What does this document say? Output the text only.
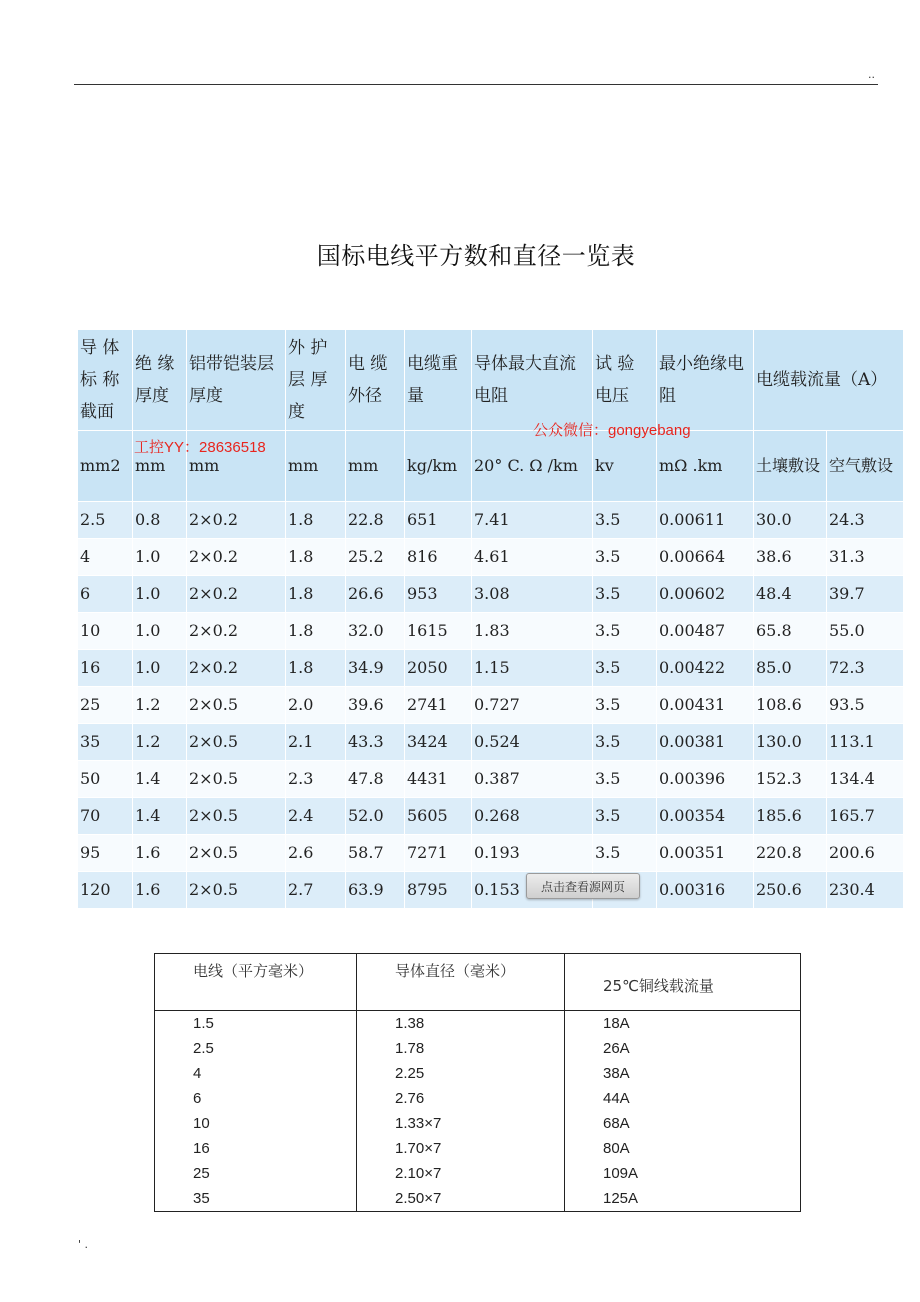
..
国标电线平方数和直径一览表
导 体 标 称 截面	绝 缘 厚度	铝带铠装层厚度	外 护 层 厚 度	电 缆 外径	电缆重量	导体最大直流电阻	试 验 电压	最小绝缘电阻	电缆载流量（A）	
mm2	mm	mm	mm	mm	kg/km	20° C. Ω /km	kv	mΩ .km	土壤敷设	空气敷设
2.5	0.8	2×0.2	1.8	22.8	651	7.41	3.5	0.00611	30.0	24.3
4	1.0	2×0.2	1.8	25.2	816	4.61	3.5	0.00664	38.6	31.3
6	1.0	2×0.2	1.8	26.6	953	3.08	3.5	0.00602	48.4	39.7
10	1.0	2×0.2	1.8	32.0	1615	1.83	3.5	0.00487	65.8	55.0
16	1.0	2×0.2	1.8	34.9	2050	1.15	3.5	0.00422	85.0	72.3
25	1.2	2×0.5	2.0	39.6	2741	0.727	3.5	0.00431	108.6	93.5
35	1.2	2×0.5	2.1	43.3	3424	0.524	3.5	0.00381	130.0	113.1
50	1.4	2×0.5	2.3	47.8	4431	0.387	3.5	0.00396	152.3	134.4
70	1.4	2×0.5	2.4	52.0	5605	0.268	3.5	0.00354	185.6	165.7
95	1.6	2×0.5	2.6	58.7	7271	0.193	3.5	0.00351	220.8	200.6
120	1.6	2×0.5	2.7	63.9	8795	0.153		0.00316	250.6	230.4
工控YY：28636518
公众微信：gongyebang
点击查看源网页
电线（平方毫米）	导体直径（毫米）	25℃铜线载流量
1.5	1.38	18A
2.5	1.78	26A
4	2.25	38A
6	2.76	44A
10	1.33×7	68A
16	1.70×7	80A
25	2.10×7	109A
35	2.50×7	125A
' .
